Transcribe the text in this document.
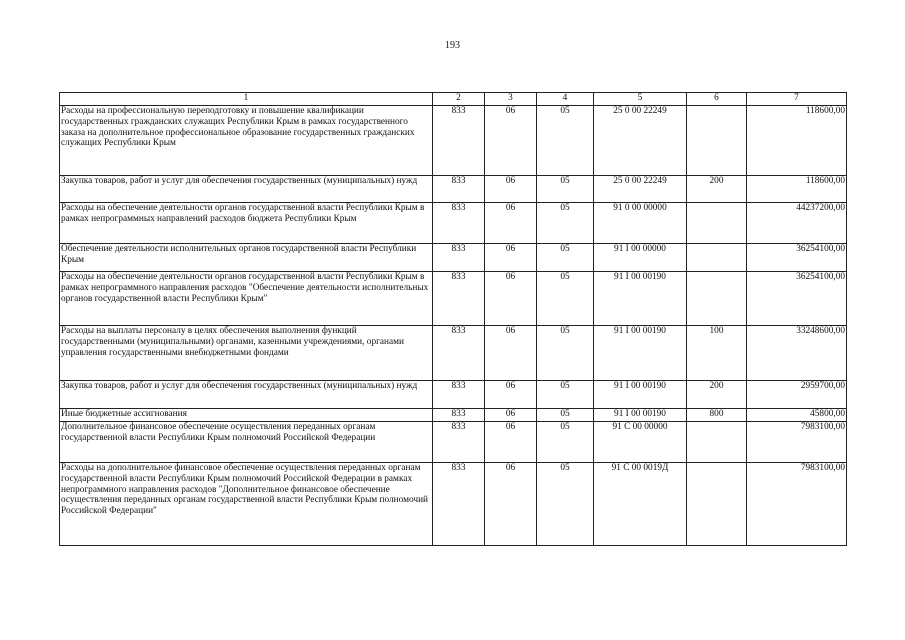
193
1	2	3	4	5	6	7
Расходы на профессиональную переподготовку и повышение квалификации государственных гражданских служащих Республики Крым в рамках государственного заказа на дополнительное профессиональное образование государственных гражданских служащих Республики Крым	833	06	05	25 0 00 22249		118600,00
Закупка товаров, работ и услуг для обеспечения государственных (муниципальных) нужд	833	06	05	25 0 00 22249	200	118600,00
Расходы на обеспечение деятельности органов государственной власти Республики Крым в рамках непрограммных направлений расходов бюджета Республики Крым	833	06	05	91 0 00 00000		44237200,00
Обеспечение деятельности исполнительных органов государственной власти Республики Крым	833	06	05	91 I 00 00000		36254100,00
Расходы на обеспечение деятельности органов государственной власти Республики Крым в рамках непрограммного направления расходов "Обеспечение деятельности исполнительных органов государственной власти Республики Крым"	833	06	05	91 I 00 00190		36254100,00
Расходы на выплаты персоналу в целях обеспечения выполнения функций государственными (муниципальными) органами, казенными учреждениями, органами управления государственными внебюджетными фондами	833	06	05	91 I 00 00190	100	33248600,00
Закупка товаров, работ и услуг для обеспечения государственных (муниципальных) нужд	833	06	05	91 I 00 00190	200	2959700,00
Иные бюджетные ассигнования	833	06	05	91 I 00 00190	800	45800,00
Дополнительное финансовое обеспечение осуществления переданных органам государственной власти Республики Крым полномочий Российской Федерации	833	06	05	91 С 00 00000		7983100,00
Расходы на дополнительное финансовое обеспечение осуществления переданных органам государственной власти Республики Крым полномочий Российской Федерации в рамках непрограммного направления расходов "Дополнительное финансовое обеспечение осуществления переданных органам государственной власти Республики Крым полномочий Российской Федерации"	833	06	05	91 С 00 0019Д		7983100,00
